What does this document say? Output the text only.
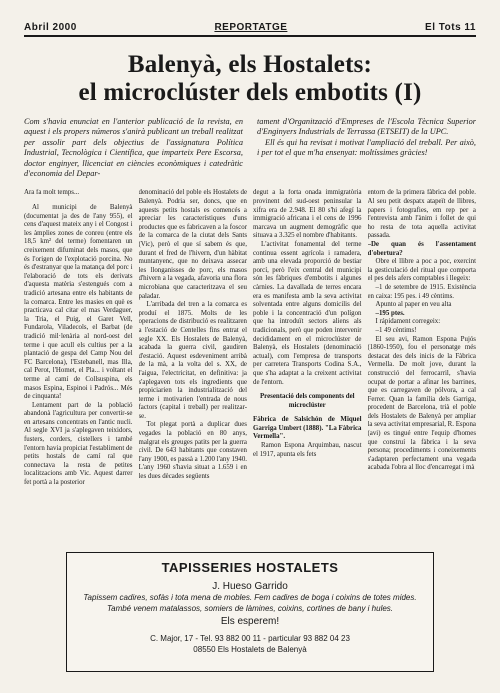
Abril 2000	REPORTATGE	El Tots 11
Balenyà, els Hostalets:
el microclúster dels embotits (I)

Com s'havia enunciat en l'anterior publicació de la revista, en aquest i els propers números s'anirà publicant un treball realitzat per assolir part dels objectius de l'assignatura Política Industrial, Tecnològica i Científica, que imparteix Pere Escorsa, doctor enginyer, llicenciat en ciències econòmiques i catedràtic d'economia del Depar-

tament d'Organització d'Empreses de l'Escola Tècnica Superior d'Enginyers Industrials de Terrassa (ETSEIT) de la UPC.
Ell és qui ha revisat i motivat l'ampliació del treball. Per això, i per tot el que m'ha ensenyat: moltíssimes gràcies!

Ara fa molt temps...

Al municipi de Balenyà (documentat ja des de l'any 955), el cens d'aquest mateix any i el Congost i les àmplies zones de conreu (entre els 18,5 km² del terme) fomentaren un creixement difuminat dels masos, que és l'origen de l'explotació porcina. No és d'estranyar que la matança del porc i l'elaboració de tots els derivats d'aquesta matèria s'estengués com a tradició artesana entre els habitants de la comarca. Entre les masies en què es practicava cal citar el mas Verdaguer, la Tria, el Puig, el Garet Vell, Fundarola, Viladecols, el Barbat (de tradició mil·lenària al nord-oest del terme i que acull els cultius per a la plantació de gespa del Camp Nou del FC Barcelona), l'Estebanell, mas Illa, cal Perot, l'Homet, el Pla... i voltant el terme al camí de Collsuspina, els masos Espina, Espinoi i Padrós... Més de cinquanta!

Lentament part de la població abandonà l'agricultura per convertir-se en artesans concentrats en l'antic nucli. Al segle XVI ja s'aplegaven teixidors, fusters, corders, cistellers i també l'entorn havia propiciat l'establiment de petits hostals de camí ral que connectava la resta de petites localitzacions amb Vic. Aquest darrer fet portà a la posterior

denominació del poble els Hostalets de Balenyà. Podria ser, doncs, que en aquests petits hostals es comencés a apreciar les característiques d'uns productes que es fabricaven a la foscor de la comarca de la ciutat dels Sants (Vic), però el que sí sabem és que, durant el fred de l'hivern, d'un hàbitat muntanyenc, que no deixava assecar les llonganisses de porc, els masos d'hivern a la vegada, afavoria una flora microbiana que caracteritzava el seu paladar.

L'arribada del tren a la comarca es produí el 1875. Molts de les operacions de distribució es realitzaren a l'estació de Centelles fins entrat el segle XX. Els Hostalets de Balenyà, acabada la guerra civil, gaudiren d'estació. Aquest esdeveniment arribà de la mà, a la volta del s. XX, de l'aigua, l'electricitat, en definitiva: ja s'aplegaven tots els ingredients que propiciarien la industrialització del terme i motivarien l'entrada de nous factors (capital i treball) per realitzar-se.

Tot plegat portà a duplicar dues vegades la població en 80 anys, malgrat els greuges patits per la guerra civil. De 643 habitants que constaven l'any 1900, es passà a 1.200 l'any 1940. L'any 1960 s'havia situat a 1.659 i en les dues dècades següents

degut a la forta onada immigratòria provinent del sud-oest peninsular la xifra era de 2.948. El 80 s'hi afegí la immigració africana i el cens de 1996 marcava un augment demogràfic que situava a 3.325 el nombre d'habitants.

L'activitat fonamental del terme continua essent agrícola i ramadera, amb una elevada proporció de bestiar porcí, però l'eix central del municipi són les fàbriques d'embotits i algunes càrnies. La davallada de terres encara era es manifesta amb la seva activitat solventada entre alguns domicilis del poble i la concentració d'un polígon que ha introduït sectors aliens als tradicionals, però que poden intervenir decididament en el microclúster de Balenyà, els Hostalets (denominació actual), com l'empresa de transports per carretera Transports Codina S.A., que s'ha adaptat a la creixent activitat de l'entorn.

Presentació dels components del microclúster

Fàbrica de Salsichón de Miquel Garriga Umbert (1888). "La Fàbrica Vermella".

Ramon Espona Arquimbau, nascut el 1917, apunta els fets

entorn de la primera fàbrica del poble. Al seu petit despatx atapeït de llibres, papers i fotografies, em rep per a l'entrevista amb l'ànim i follet de qui ho resta de tota aquella activitat passada.

–De quan és l'assentament d'obertura?

Obre el llibre a poc a poc, exercint la gesticulació del ritual que comporta el pes dels afers comptables i llegeix:

–1 de setembre de 1915. Existència en caixa: 195 pes. i 49 cèntims.

Apunto al paper en veu alta

–195 ptes.

I rápidament corregeix:

–1 49 cèntims!

El seu avi, Ramon Espona Pujós (1860-1950), fou el personatge més destacat des dels inicis de la Fàbrica Vermella. De molt jove, durant la construcció del ferrocarril, s'havia ocupat de portar a afinar les barrines, que es carregaven de pólvora, a cal Ferrer. Quan la família dels Garriga, procedent de Barcelona, trià el poble dels Hostalets de Balenyà per ampliar la seva activitat empresarial, R. Espona (avi) es tingué entre l'equip d'homes que construí la fàbrica i la seva persona; procediments i coneixements s'adaptaren perfectament una vegada acabada l'obra al lloc d'encarregat i mà

TAPISSERIES HOSTALETS
J. Hueso Garrido
Tapissem cadires, sofàs i tota mena de mobles. Fem cadires de boga i coixins de totes mides.
També venem matalassos, somiers de làmines, coixins, cortines de bany i hules.
Els esperem!
C. Major, 17 - Tel. 93 882 00 11 - particular 93 882 04 23
08550 Els Hostalets de Balenyà
